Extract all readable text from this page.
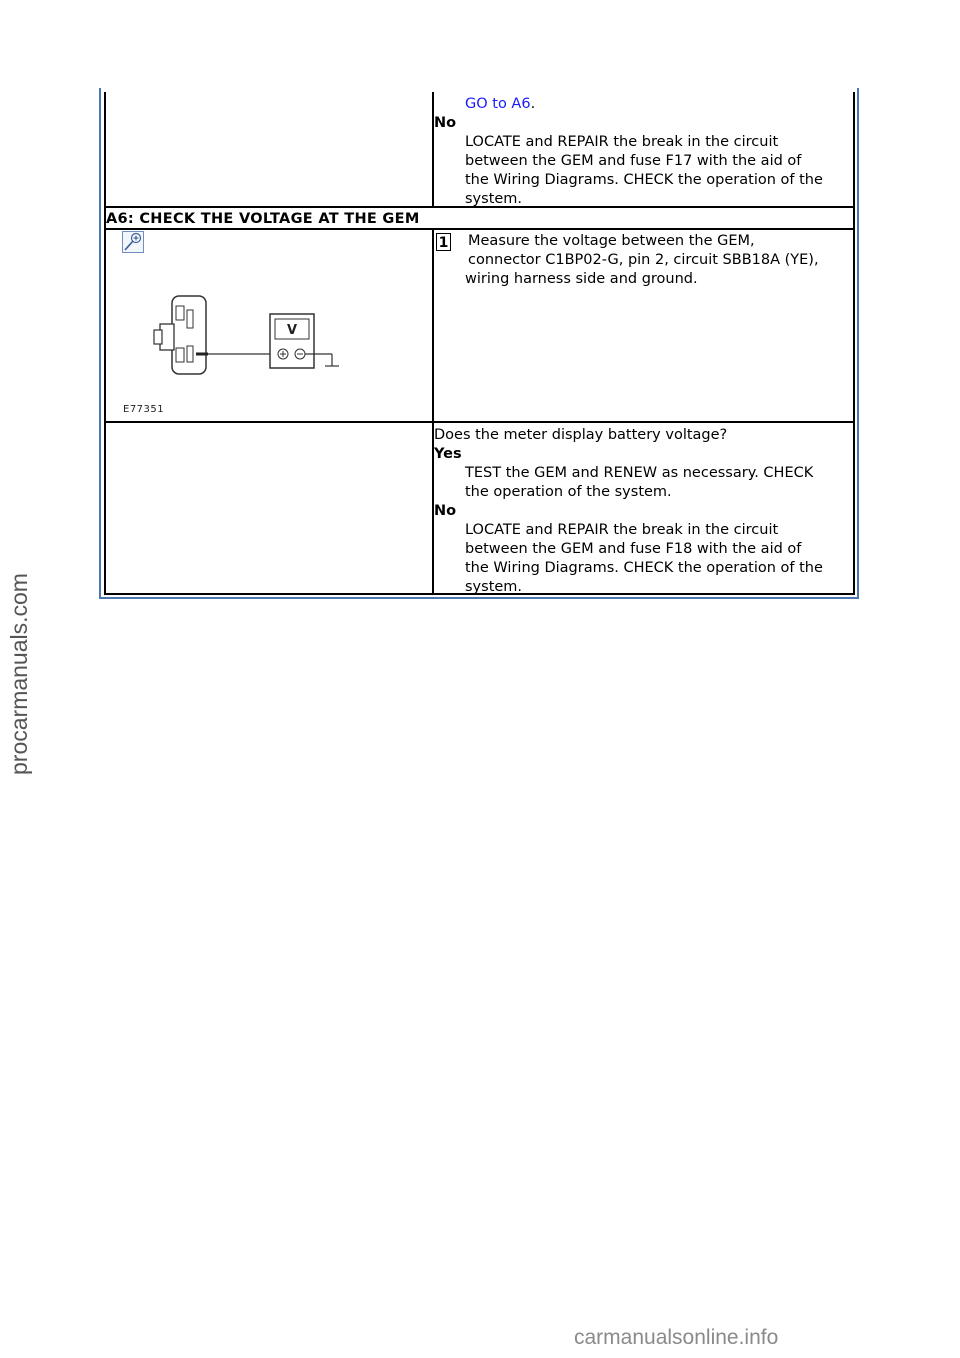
GO to A6.
No
LOCATE and REPAIR the break in the circuit
between the GEM and fuse F17 with the aid of
the Wiring Diagrams. CHECK the operation of the
system.
A6: CHECK THE VOLTAGE AT THE GEM
V
E77351
1 Measure the voltage between the GEM,
connector C1BP02-G, pin 2, circuit SBB18A (YE),
wiring harness side and ground.
Does the meter display battery voltage?
Yes
TEST the GEM and RENEW as necessary. CHECK
the operation of the system.
No
LOCATE and REPAIR the break in the circuit
between the GEM and fuse F18 with the aid of
the Wiring Diagrams. CHECK the operation of the
system.
procarmanuals.com
carmanualsonline.info
